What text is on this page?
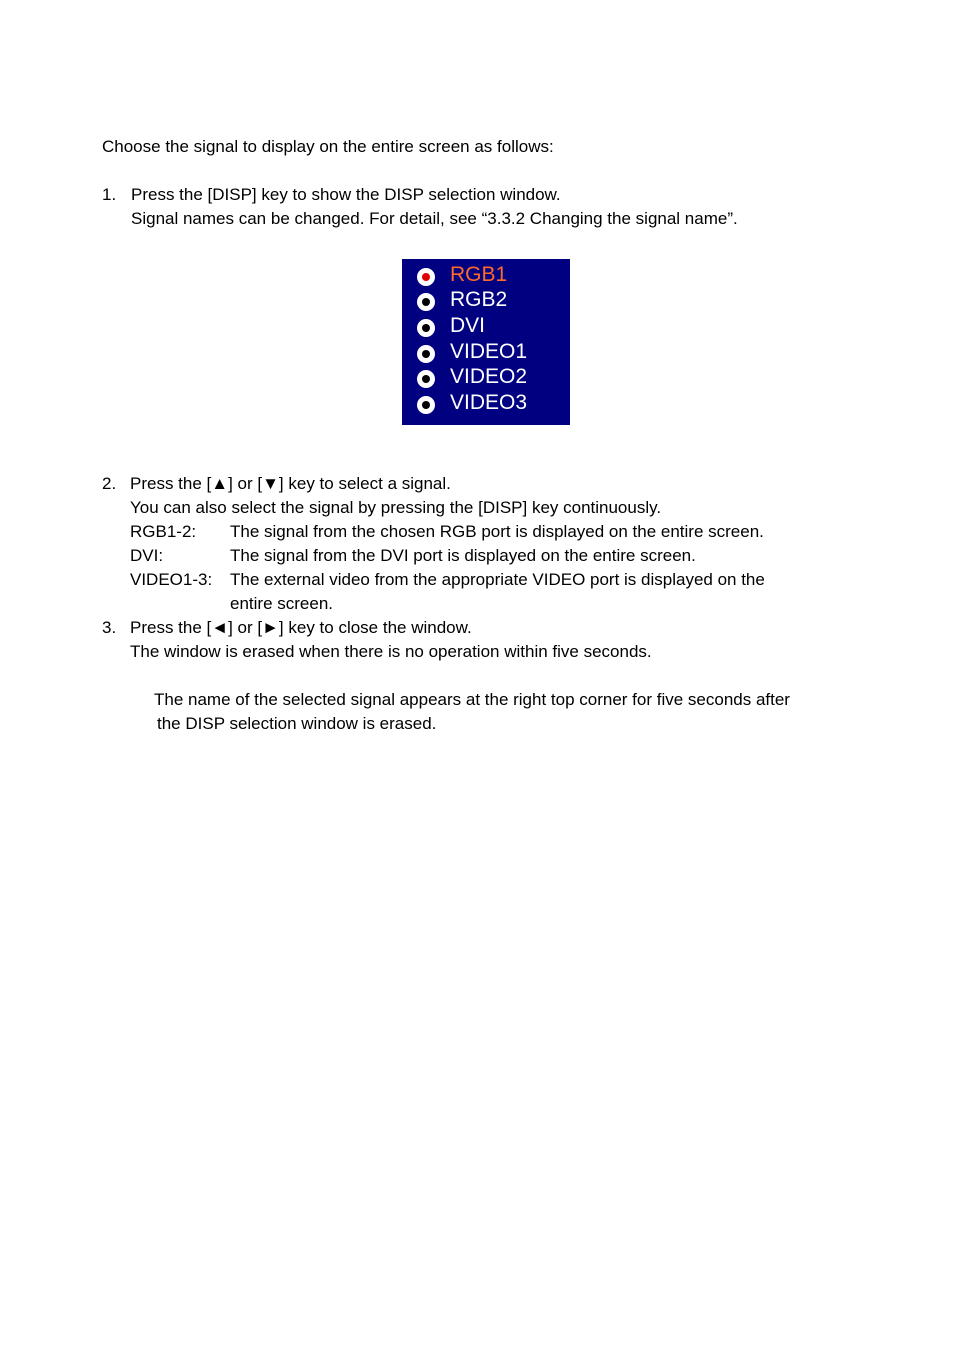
Choose the signal to display on the entire screen as follows:
1. Press the [DISP] key to show the DISP selection window.
Signal names can be changed. For detail, see “3.3.2 Changing the signal name”.
RGB1
RGB2
DVI
VIDEO1
VIDEO2
VIDEO3
2. Press the [▲] or [▼] key to select a signal.
You can also select the signal by pressing the [DISP] key continuously.
RGB1-2: The signal from the chosen RGB port is displayed on the entire screen.
DVI:	The signal from the DVI port is displayed on the entire screen.
VIDEO1-3: The external video from the appropriate VIDEO port is displayed on the
entire screen.
3. Press the [◄] or [►] key to close the window.
The window is erased when there is no operation within five seconds.
The name of the selected signal appears at the right top corner for five seconds after
the DISP selection window is erased.
